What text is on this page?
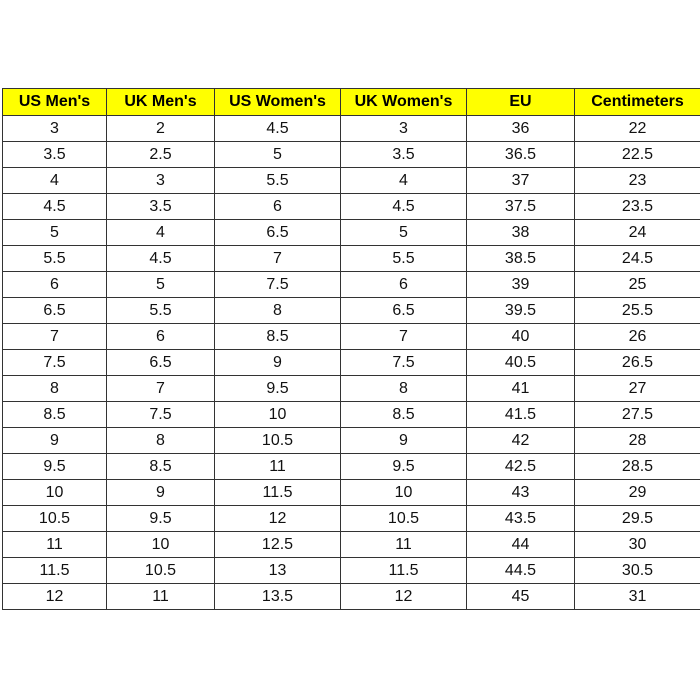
US Men's	UK Men's	US Women's	UK Women's	EU	Centimeters
3	2	4.5	3	36	22
3.5	2.5	5	3.5	36.5	22.5
4	3	5.5	4	37	23
4.5	3.5	6	4.5	37.5	23.5
5	4	6.5	5	38	24
5.5	4.5	7	5.5	38.5	24.5
6	5	7.5	6	39	25
6.5	5.5	8	6.5	39.5	25.5
7	6	8.5	7	40	26
7.5	6.5	9	7.5	40.5	26.5
8	7	9.5	8	41	27
8.5	7.5	10	8.5	41.5	27.5
9	8	10.5	9	42	28
9.5	8.5	11	9.5	42.5	28.5
10	9	11.5	10	43	29
10.5	9.5	12	10.5	43.5	29.5
11	10	12.5	11	44	30
11.5	10.5	13	11.5	44.5	30.5
12	11	13.5	12	45	31
